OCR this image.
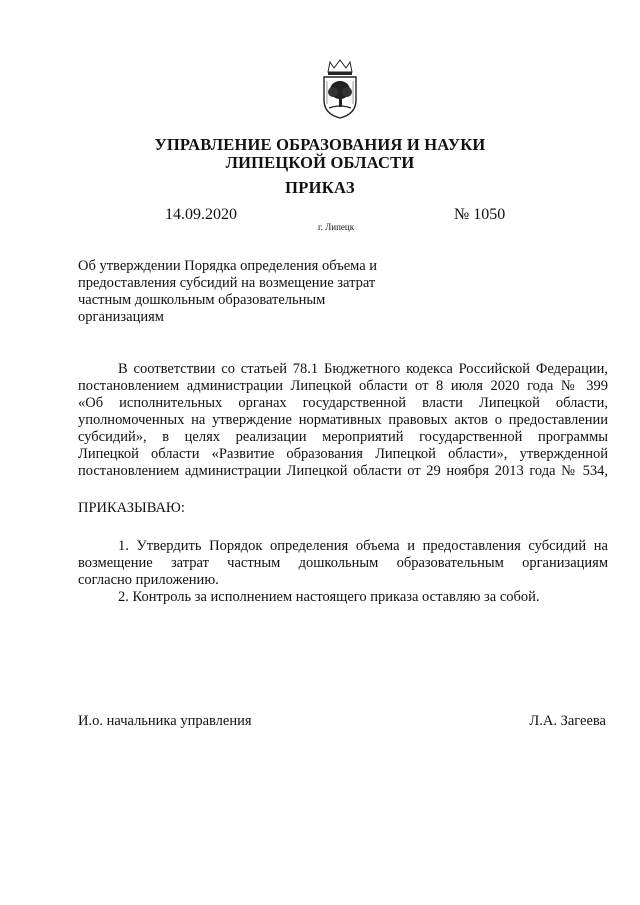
УПРАВЛЕНИЕ ОБРАЗОВАНИЯ И НАУКИ
ЛИПЕЦКОЙ ОБЛАСТИ
ПРИКАЗ
14.09.2020
г. Липецк
№ 1050
Об утверждении Порядка определения объема и
предоставления субсидий на возмещение затрат
частным дошкольным образовательным
организациям
В соответствии со статьей 78.1 Бюджетного кодекса Российской Федерации,
постановлением администрации Липецкой области от 8 июля 2020 года № 399
«Об исполнительных органах государственной власти Липецкой области,
уполномоченных на утверждение нормативных правовых актов о предоставлении
субсидий», в целях реализации мероприятий государственной программы
Липецкой области «Развитие образования Липецкой области», утвержденной
постановлением администрации Липецкой области от 29 ноября 2013 года № 534,
ПРИКАЗЫВАЮ:
1. Утвердить Порядок определения объема и предоставления субсидий на
возмещение затрат частным дошкольным образовательным организациям
согласно приложению.
2. Контроль за исполнением настоящего приказа оставляю за собой.
И.о. начальника управления	Л.А. Загеева
